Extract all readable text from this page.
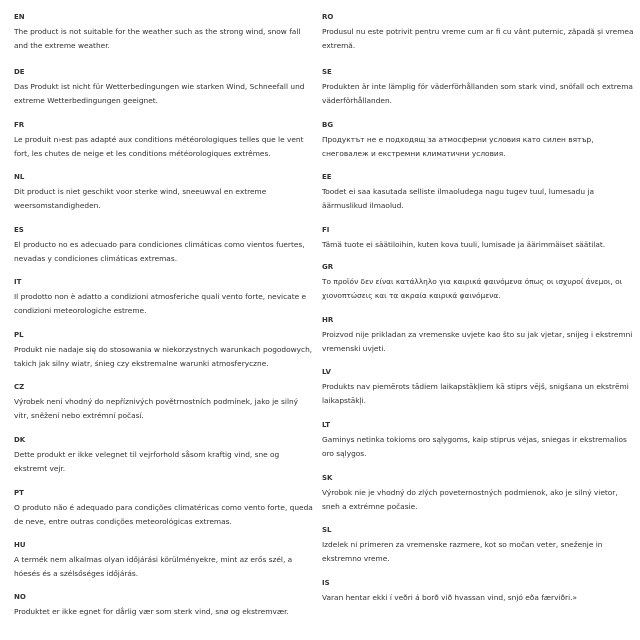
EN

The product is not suitable for the weather such as the strong wind, snow fall and the extreme weather.

DE

Das Produkt ist nicht für Wetterbedingungen wie starken Wind, Schneefall und extreme Wetterbedingungen geeignet.

FR

Le produit n›est pas adapté aux conditions météorologiques telles que le vent fort, les chutes de neige et les conditions météorologiques extrêmes.

NL

Dit product is niet geschikt voor sterke wind, sneeuwval en extreme weersomstandigheden.

ES

El producto no es adecuado para condiciones climáticas como vientos fuertes, nevadas y condiciones climáticas extremas.

IT

Il prodotto non è adatto a condizioni atmosferiche quali vento forte, nevicate e condizioni meteorologiche estreme.

PL

Produkt nie nadaje się do stosowania w niekorzystnych warunkach pogodowych, takich jak silny wiatr, śnieg czy ekstremalne warunki atmosferyczne.

CZ

Výrobek není vhodný do nepříznivých povětrnostních podmínek, jako je silný vítr, sněžení nebo extrémní počasí.

DK

Dette produkt er ikke velegnet til vejrforhold såsom kraftig vind, sne og ekstremt vejr.

PT

O produto não é adequado para condições climatéricas como vento forte, queda de neve, entre outras condições meteorológicas extremas.

HU

A termék nem alkalmas olyan időjárási körülményekre, mint az erős szél, a hóesés és a szélsőséges időjárás.

NO

Produktet er ikke egnet for dårlig vær som sterk vind, snø og ekstremvær.

RO

Produsul nu este potrivit pentru vreme cum ar fi cu vânt puternic, zăpadă și vremea extremă.

SE

Produkten är inte lämplig för väderförhållanden som stark vind, snöfall och extrema väderförhållanden.

BG

Продуктът не е подходящ за атмосферни условия като силен вятър, снеговалеж и екстремни климатични условия.

EE

Toodet ei saa kasutada selliste ilmaoludega nagu tugev tuul, lumesadu ja äärmuslikud ilmaolud.

FI

Tämä tuote ei säätiloihin, kuten kova tuuli, lumisade ja äärimmäiset säätilat.

GR

Το προϊόν δεν είναι κατάλληλο για καιρικά φαινόμενα όπως οι ισχυροί άνεμοι, οι χιονοπτώσεις και τα ακραία καιρικά φαινόμενα.

HR

Proizvod nije prikladan za vremenske uvjete kao što su jak vjetar, snijeg i ekstremni vremenski uvjeti.

LV

Produkts nav piemērots tādiem laikapstākļiem kā stiprs vējš, snigšana un ekstrēmi laikapstākļi.

LT

Gaminys netinka tokioms oro sąlygoms, kaip stiprus vėjas, sniegas ir ekstremalios oro sąlygos.

SK

Výrobok nie je vhodný do zlých poveternostných podmienok, ako je silný vietor, sneh a extrémne počasie.

SL

Izdelek ni primeren za vremenske razmere, kot so močan veter, sneženje in ekstremno vreme.

IS

Varan hentar ekki í veðri á borð við hvassan vind, snjó eða færviðri.»
